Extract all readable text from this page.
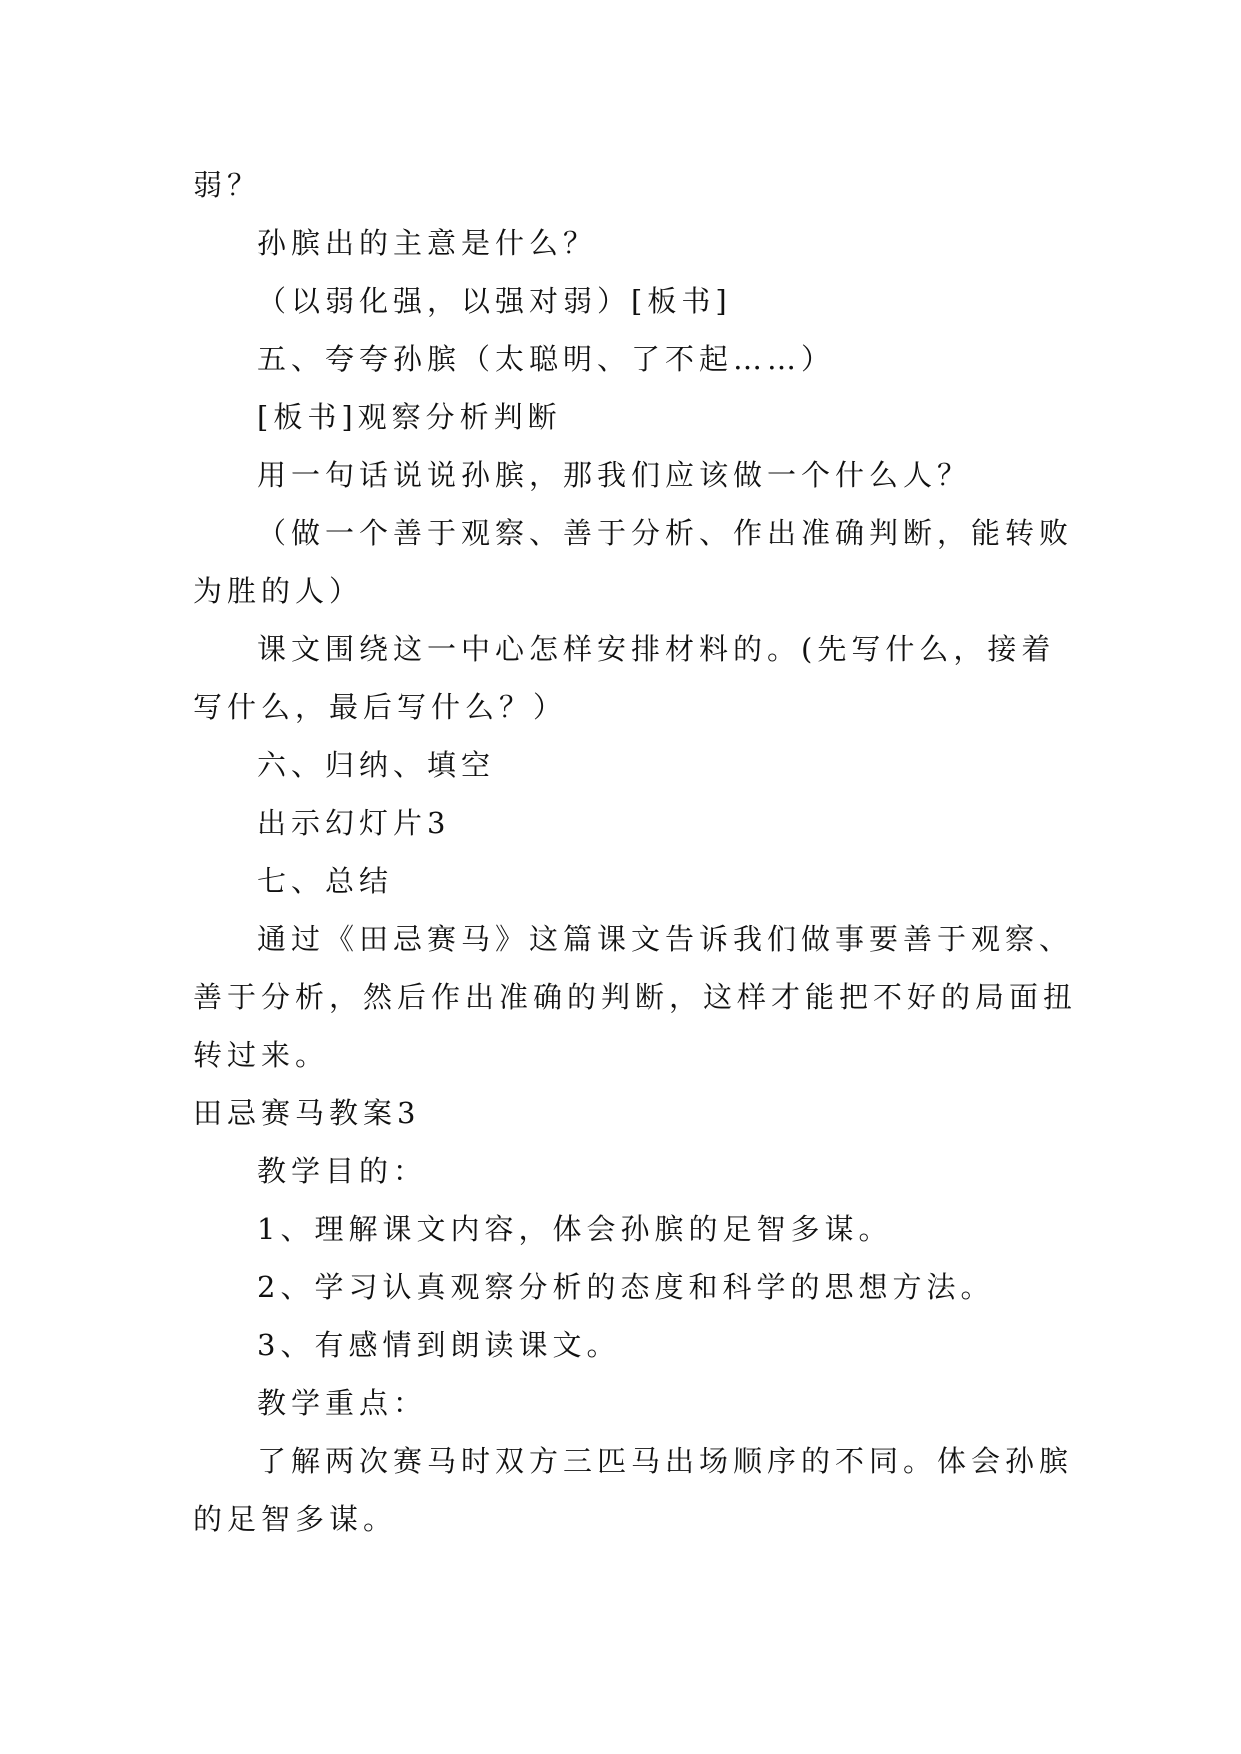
弱？
孙膑出的主意是什么？
（以弱化强，以强对弱）[板书]
五、夸夸孙膑（太聪明、了不起……）
[板书]观察分析判断
用一句话说说孙膑，那我们应该做一个什么人？
（做一个善于观察、善于分析、作出准确判断，能转败
为胜的人）
课文围绕这一中心怎样安排材料的。(先写什么，接着
写什么，最后写什么？）
六、归纳、填空
出示幻灯片3
七、总结
通过《田忌赛马》这篇课文告诉我们做事要善于观察、
善于分析，然后作出准确的判断，这样才能把不好的局面扭
转过来。
田忌赛马教案3
教学目的：
1、理解课文内容，体会孙膑的足智多谋。
2、学习认真观察分析的态度和科学的思想方法。
3、有感情到朗读课文。
教学重点：
了解两次赛马时双方三匹马出场顺序的不同。体会孙膑
的足智多谋。
